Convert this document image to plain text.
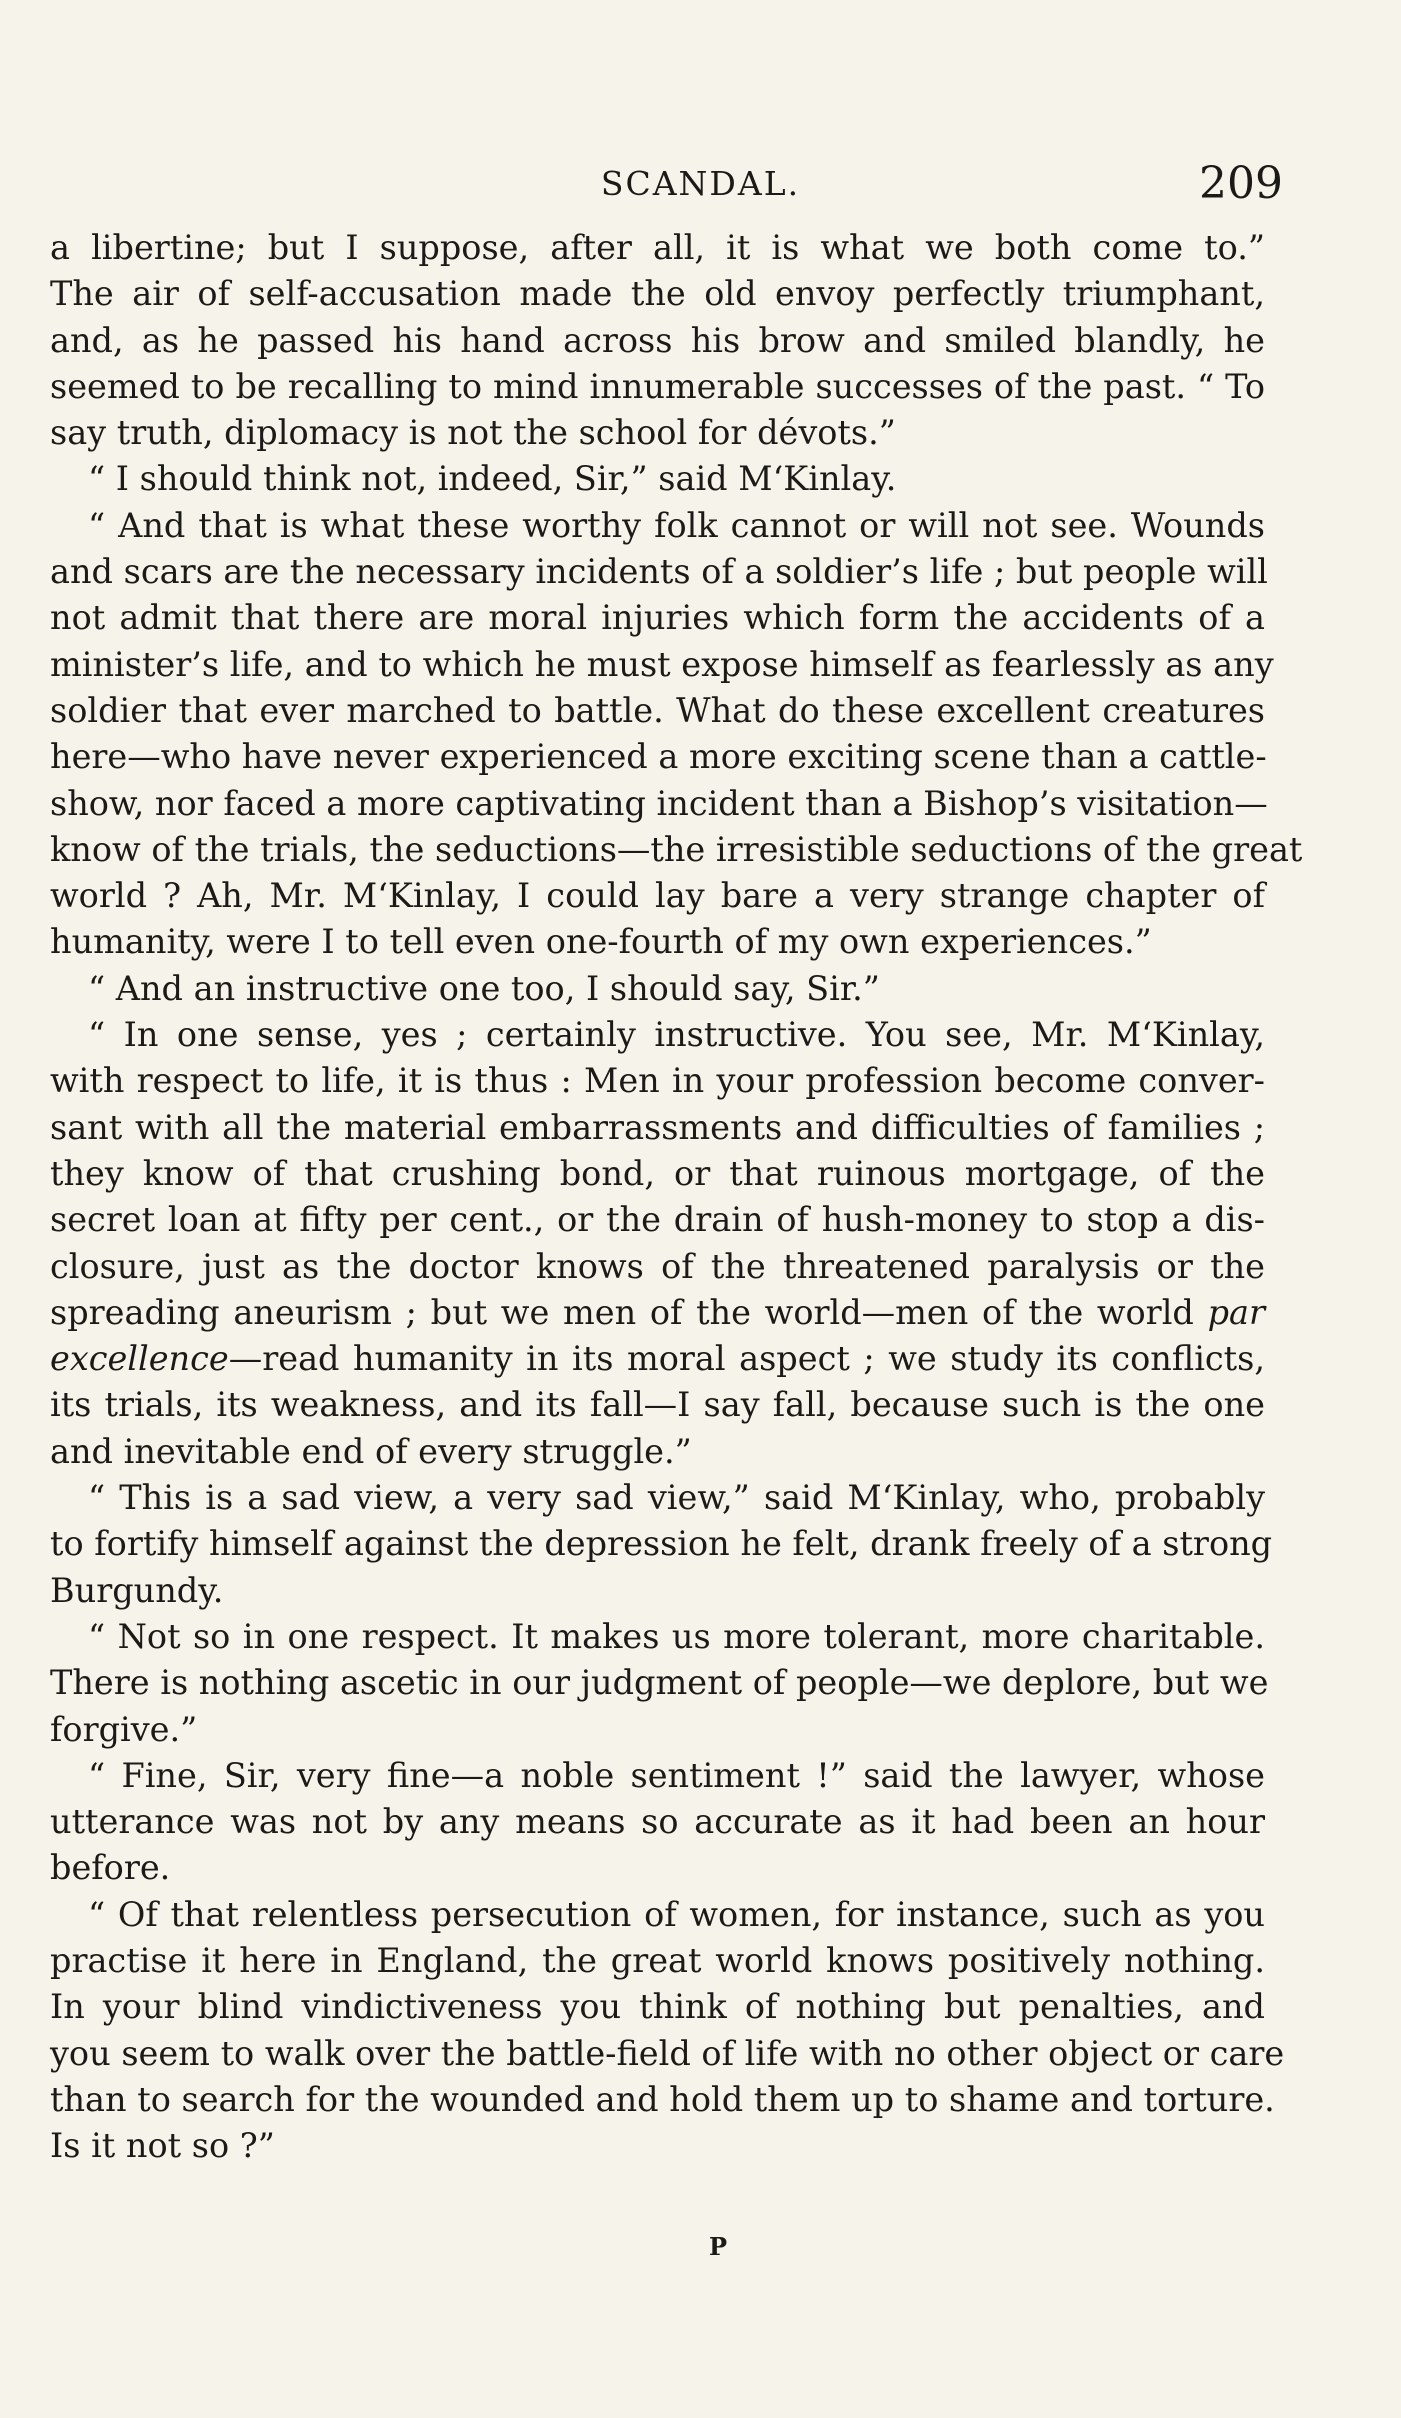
SCANDAL.	209
a libertine; but I suppose, after all, it is what we both come to.”
The air of self-accusation made the old envoy perfectly triumphant,
and, as he passed his hand across his brow and smiled blandly, he
seemed to be recalling to mind innumerable successes of the past. “ To
say truth, diplomacy is not the school for dévots.”
“ I should think not, indeed, Sir,” said M‘Kinlay.
“ And that is what these worthy folk cannot or will not see. Wounds
and scars are the necessary incidents of a soldier’s life ; but people will
not admit that there are moral injuries which form the accidents of a
minister’s life, and to which he must expose himself as fearlessly as any
soldier that ever marched to battle. What do these excellent creatures
here—who have never experienced a more exciting scene than a cattle-
show, nor faced a more captivating incident than a Bishop’s visitation—
know of the trials, the seductions—the irresistible seductions of the great
world ? Ah, Mr. M‘Kinlay, I could lay bare a very strange chapter of
humanity, were I to tell even one-fourth of my own experiences.”
“ And an instructive one too, I should say, Sir.”
“ In one sense, yes ; certainly instructive. You see, Mr. M‘Kinlay,
with respect to life, it is thus : Men in your profession become conver-
sant with all the material embarrassments and difficulties of families ;
they know of that crushing bond, or that ruinous mortgage, of the
secret loan at fifty per cent., or the drain of hush-money to stop a dis-
closure, just as the doctor knows of the threatened paralysis or the
spreading aneurism ; but we men of the world—men of the world par
excellence—read humanity in its moral aspect ; we study its conflicts,
its trials, its weakness, and its fall—I say fall, because such is the one
and inevitable end of every struggle.”
“ This is a sad view, a very sad view,” said M‘Kinlay, who, probably
to fortify himself against the depression he felt, drank freely of a strong
Burgundy.
“ Not so in one respect. It makes us more tolerant, more charitable.
There is nothing ascetic in our judgment of people—we deplore, but we
forgive.”
“ Fine, Sir, very fine—a noble sentiment !” said the lawyer, whose
utterance was not by any means so accurate as it had been an hour
before.
“ Of that relentless persecution of women, for instance, such as you
practise it here in England, the great world knows positively nothing.
In your blind vindictiveness you think of nothing but penalties, and
you seem to walk over the battle-field of life with no other object or care
than to search for the wounded and hold them up to shame and torture.
Is it not so ?”
P
